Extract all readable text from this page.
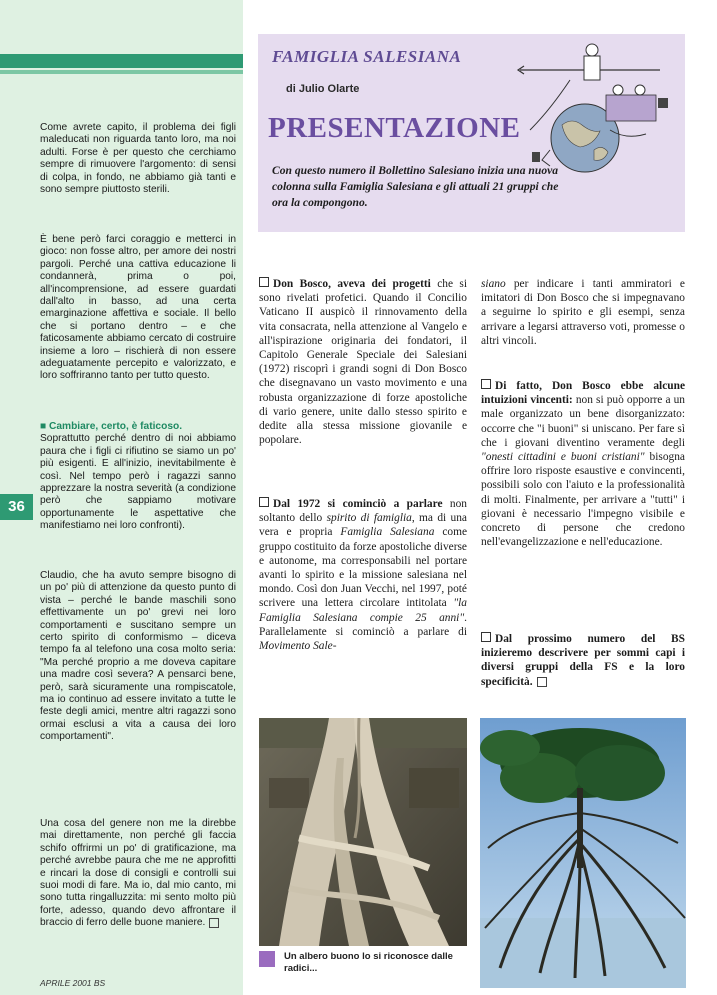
Come avrete capito, il problema dei figli maleducati non riguarda tanto loro, ma noi adulti. Forse è per questo che cerchiamo sempre di rimuovere l'argomento: di sensi di colpa, in fondo, ne abbiamo già tanti e sono sempre piuttosto sterili.

È bene però farci coraggio e metterci in gioco: non fosse altro, per amore dei nostri pargoli. Perché una cattiva educazione li condannerà, prima o poi, all'incomprensione, ad essere guardati dall'alto in basso, ad una certa emarginazione affettiva e sociale. Il bello che si portano dentro – e che faticosamente abbiamo cercato di costruire insieme a loro – rischierà di non essere adeguatamente percepito e valorizzato, e loro soffriranno tanto per tutto questo.

■ Cambiare, certo, è faticoso.
Soprattutto perché dentro di noi abbiamo paura che i figli ci rifiutino se siamo un po' più esigenti. E all'inizio, inevitabilmente è così. Nel tempo però i ragazzi sanno apprezzare la nostra severità (a condizione però che sappiamo motivare opportunamente le aspettative che manifestiamo nei loro confronti).

Claudio, che ha avuto sempre bisogno di un po' più di attenzione da questo punto di vista – perché le bande maschili sono effettivamente un po' grevi nei loro comportamenti e suscitano sempre un certo spirito di conformismo – diceva tempo fa al telefono una cosa molto seria: "Ma perché proprio a me doveva capitare una madre così severa? A pensarci bene, però, sarà sicuramente una rompiscatole, ma io continuo ad essere invitato a tutte le feste degli amici, mentre altri ragazzi sono ormai esclusi a vita a causa dei loro comportamenti".

Una cosa del genere non me la direbbe mai direttamente, non perché gli faccia schifo offrirmi un po' di gratificazione, ma perché avrebbe paura che me ne approfitti e rincari la dose di consigli e controlli sui suoi modi di fare. Ma io, dal mio canto, mi sono tutta ringalluzzita: mi sento molto più forte, adesso, quando devo affrontare il braccio di ferro delle buone maniere.

36
APRILE 2001 BS
FAMIGLIA SALESIANA
di Julio Olarte
PRESENTAZIONE

Con questo numero il Bollettino Salesiano inizia una nuova colonna sulla Famiglia Salesiana e gli attuali 21 gruppi che ora la compongono.

Don Bosco, aveva dei progetti che si sono rivelati profetici. Quando il Concilio Vaticano II auspicò il rinnovamento della vita consacrata, nella attenzione al Vangelo e all'ispirazione originaria dei fondatori, il Capitolo Generale Speciale dei Salesiani (1972) riscoprì i grandi sogni di Don Bosco che disegnavano un vasto movimento e una robusta organizzazione di forze apostoliche di vario genere, unite dallo stesso spirito e dedite alla stessa missione giovanile e popolare.

Dal 1972 si cominciò a parlare non soltanto dello spirito di famiglia, ma di una vera e propria Famiglia Salesiana come gruppo costituito da forze apostoliche diverse e autonome, ma corresponsabili nel portare avanti lo spirito e la missione salesiana nel mondo. Così don Juan Vecchi, nel 1997, poté scrivere una lettera circolare intitolata "la Famiglia Salesiana compie 25 anni". Parallelamente si cominciò a parlare di Movimento Sale-

siano per indicare i tanti ammiratori e imitatori di Don Bosco che si impegnavano a seguirne lo spirito e gli esempi, senza arrivare a legarsi attraverso voti, promesse o altri vincoli.

Di fatto, Don Bosco ebbe alcune intuizioni vincenti: non si può opporre a un male organizzato un bene disorganizzato: occorre che "i buoni" si uniscano. Per fare sì che i giovani diventino veramente degli "onesti cittadini e buoni cristiani" bisogna offrire loro risposte esaustive e convincenti, possibili solo con l'aiuto e la professionalità di molti. Finalmente, per arrivare a "tutti" i giovani è necessario l'impegno visibile e concreto di persone che credono nell'evangelizzazione e nell'educazione.

Dal prossimo numero del BS inizieremo descrivere per sommi capi i diversi gruppi della FS e la loro specificità.

Un albero buono lo si riconosce dalle radici...
